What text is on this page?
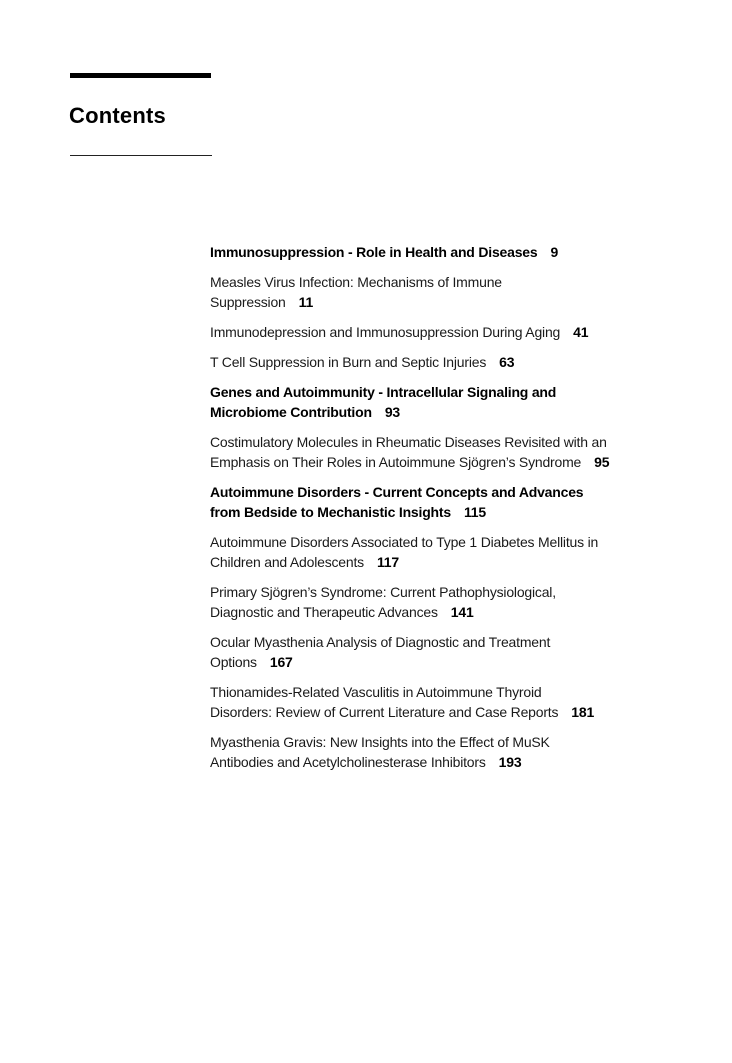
Contents
Immunosuppression - Role in Health and Diseases 9
Measles Virus Infection: Mechanisms of Immune
Suppression 11
Immunodepression and Immunosuppression During Aging 41
T Cell Suppression in Burn and Septic Injuries 63
Genes and Autoimmunity - Intracellular Signaling and
Microbiome Contribution 93
Costimulatory Molecules in Rheumatic Diseases Revisited with an
Emphasis on Their Roles in Autoimmune Sjögren’s Syndrome 95
Autoimmune Disorders - Current Concepts and Advances
from Bedside to Mechanistic Insights 115
Autoimmune Disorders Associated to Type 1 Diabetes Mellitus in
Children and Adolescents 117
Primary Sjögren’s Syndrome: Current Pathophysiological,
Diagnostic and Therapeutic Advances 141
Ocular Myasthenia Analysis of Diagnostic and Treatment
Options 167
Thionamides-Related Vasculitis in Autoimmune Thyroid
Disorders: Review of Current Literature and Case Reports 181
Myasthenia Gravis: New Insights into the Effect of MuSK
Antibodies and Acetylcholinesterase Inhibitors 193
